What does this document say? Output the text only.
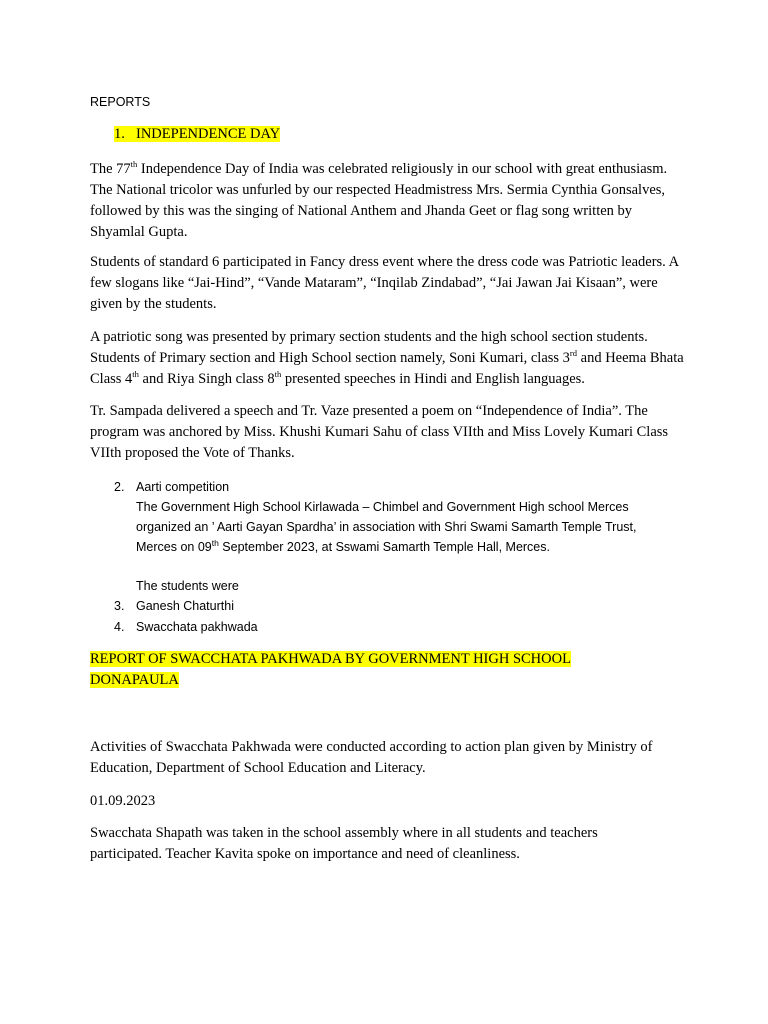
REPORTS
1. INDEPENDENCE DAY

The 77th Independence Day of India was celebrated religiously in our school with great enthusiasm. The National tricolor was unfurled by our respected Headmistress Mrs. Sermia Cynthia Gonsalves, followed by this was the singing of National Anthem and Jhanda Geet or flag song written by Shyamlal Gupta.

Students of standard 6 participated in Fancy dress event where the dress code was Patriotic leaders. A few slogans like “Jai-Hind”, “Vande Mataram”, “Inqilab Zindabad”, “Jai Jawan Jai Kisaan”, were given by the students.

A patriotic song was presented by primary section students and the high school section students. Students of Primary section and High School section namely, Soni Kumari, class 3rd and Heema Bhata Class 4th and Riya Singh class 8th presented speeches in Hindi and English languages.

Tr. Sampada delivered a speech and Tr. Vaze presented a poem on “Independence of India”. The program was anchored by Miss. Khushi Kumari Sahu of class VIIth and Miss Lovely Kumari Class VIIth proposed the Vote of Thanks.

2. Aarti competition

The Government High School Kirlawada – Chimbel and Government High school Merces organized an ’ Aarti Gayan Spardha’ in association with Shri Swami Samarth Temple Trust, Merces on 09th September 2023, at Sswami Samarth Temple Hall, Merces.

The students were
3. Ganesh Chaturthi
4. Swacchata pakhwada
REPORT OF SWACCHATA PAKHWADA BY GOVERNMENT HIGH SCHOOL
DONAPAULA

Activities of Swacchata Pakhwada were conducted according to action plan given by Ministry of Education, Department of School Education and Literacy.

01.09.2023

Swacchata Shapath was taken in the school assembly where in all students and teachers participated. Teacher Kavita spoke on importance and need of cleanliness.
